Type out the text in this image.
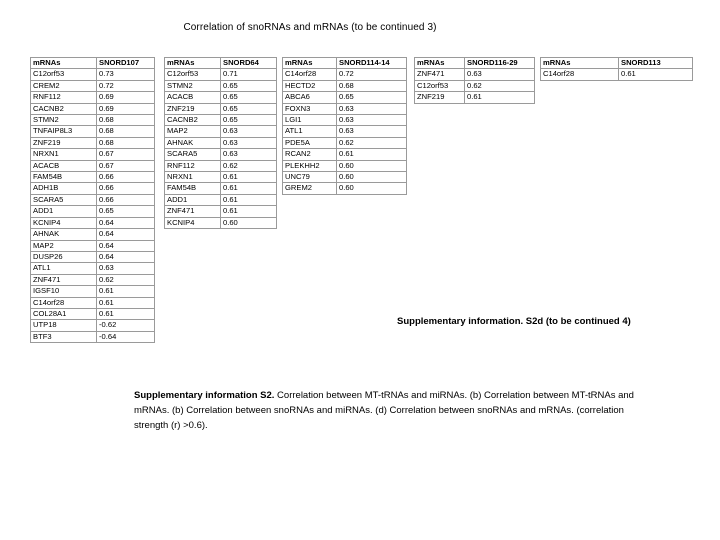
Correlation of snoRNAs and mRNAs (to be continued 3)
mRNAs	SNORD107
C12orf53	0.73
CREM2	0.72
RNF112	0.69
CACNB2	0.69
STMN2	0.68
TNFAIP8L3	0.68
ZNF219	0.68
NRXN1	0.67
ACACB	0.67
FAM54B	0.66
ADH1B	0.66
SCARA5	0.66
ADD1	0.65
KCNIP4	0.64
AHNAK	0.64
MAP2	0.64
DUSP26	0.64
ATL1	0.63
ZNF471	0.62
IGSF10	0.61
C14orf28	0.61
COL28A1	0.61
UTP18	-0.62
BTF3	-0.64
mRNAs	SNORD64
C12orf53	0.71
STMN2	0.65
ACACB	0.65
ZNF219	0.65
CACNB2	0.65
MAP2	0.63
AHNAK	0.63
SCARA5	0.63
RNF112	0.62
NRXN1	0.61
FAM54B	0.61
ADD1	0.61
ZNF471	0.61
KCNIP4	0.60
mRNAs	SNORD114-14
C14orf28	0.72
HECTD2	0.68
ABCA6	0.65
FOXN3	0.63
LGI1	0.63
ATL1	0.63
PDE5A	0.62
RCAN2	0.61
PLEKHH2	0.60
UNC79	0.60
GREM2	0.60
mRNAs	SNORD116-29
ZNF471	0.63
C12orf53	0.62
ZNF219	0.61
mRNAs	SNORD113
C14orf28	0.61
Supplementary information. S2d (to be continued 4)
Supplementary information S2. Correlation between MT-tRNAs and miRNAs. (b) Correlation between MT-tRNAs and mRNAs. (b) Correlation between snoRNAs and miRNAs. (d) Correlation between snoRNAs and mRNAs. (correlation strength (r) >0.6).
